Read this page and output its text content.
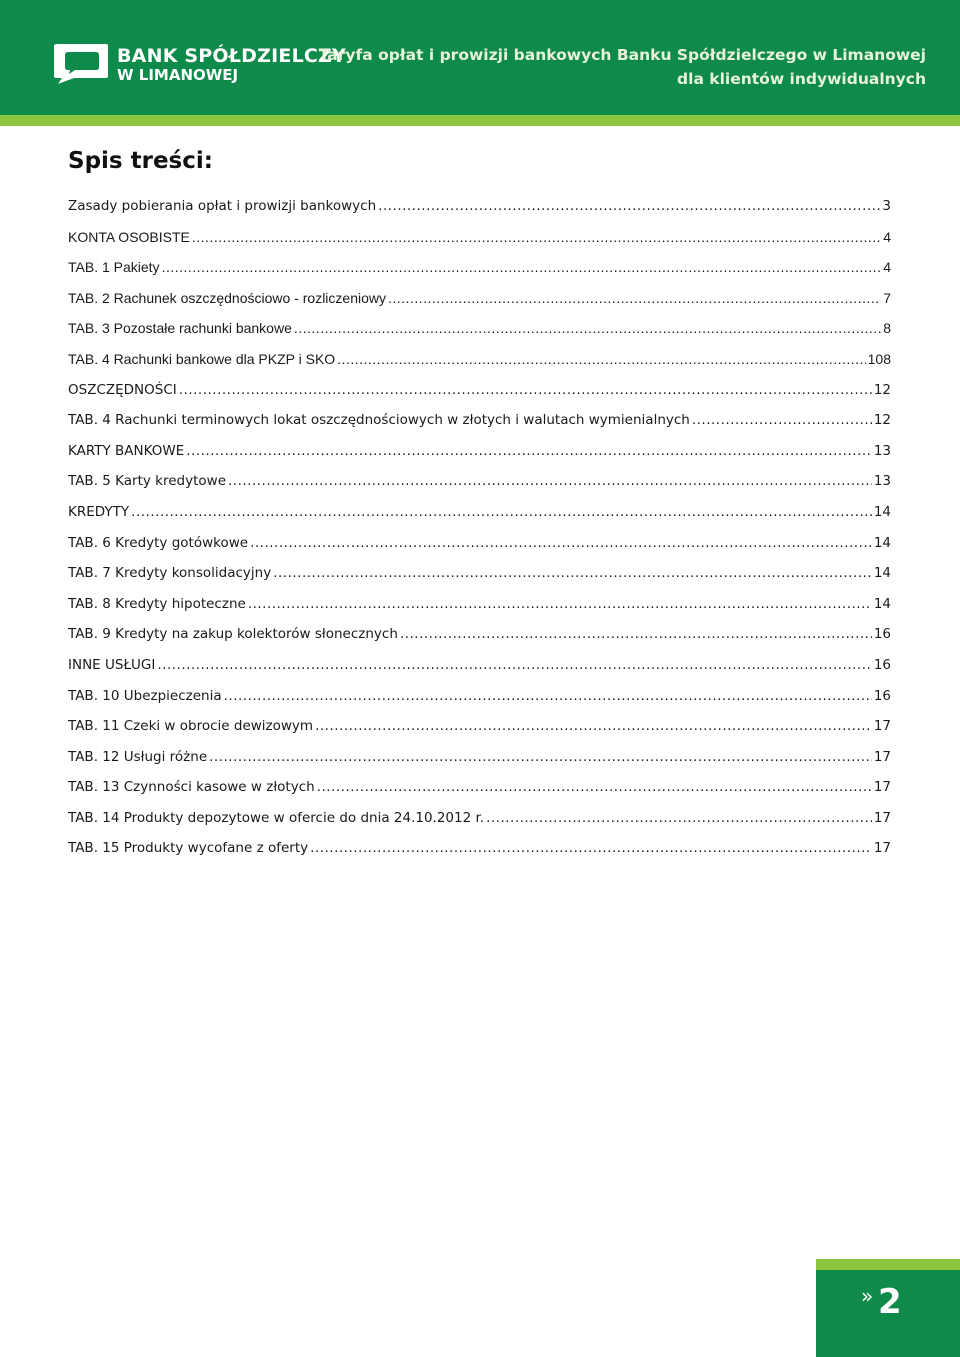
BANK SPÓŁDZIELCZY
W LIMANOWEJ
Taryfa opłat i prowizji bankowych Banku Spółdzielczego w Limanowej
dla klientów indywidualnych
Spis treści:
Zasady pobierania opłat i prowizji bankowych .....	3
KONTA OSOBISTE .....	4
TAB. 1 Pakiety .....	4
TAB. 2 Rachunek oszczędnościowo - rozliczeniowy .....	7
TAB. 3 Pozostałe rachunki bankowe .....	8
TAB. 4 Rachunki bankowe dla PKZP i SKO .....	108
OSZCZĘDNOŚCI .....	12
TAB. 4 Rachunki terminowych lokat oszczędnościowych w złotych i walutach wymienialnych .....	12
KARTY BANKOWE .....	13
TAB. 5 Karty kredytowe .....	13
KREDYTY .....	14
TAB. 6 Kredyty gotówkowe .....	14
TAB. 7 Kredyty konsolidacyjny .....	14
TAB. 8 Kredyty hipoteczne .....	14
TAB. 9 Kredyty na zakup kolektorów słonecznych .....	16
INNE USŁUGI .....	16
TAB. 10 Ubezpieczenia .....	16
TAB. 11 Czeki w obrocie dewizowym .....	17
TAB. 12 Usługi różne .....	17
TAB. 13 Czynności kasowe w złotych .....	17
TAB. 14 Produkty depozytowe w ofercie do dnia 24.10.2012 r. .....	17
TAB. 15 Produkty wycofane z oferty .....	17
» 2
